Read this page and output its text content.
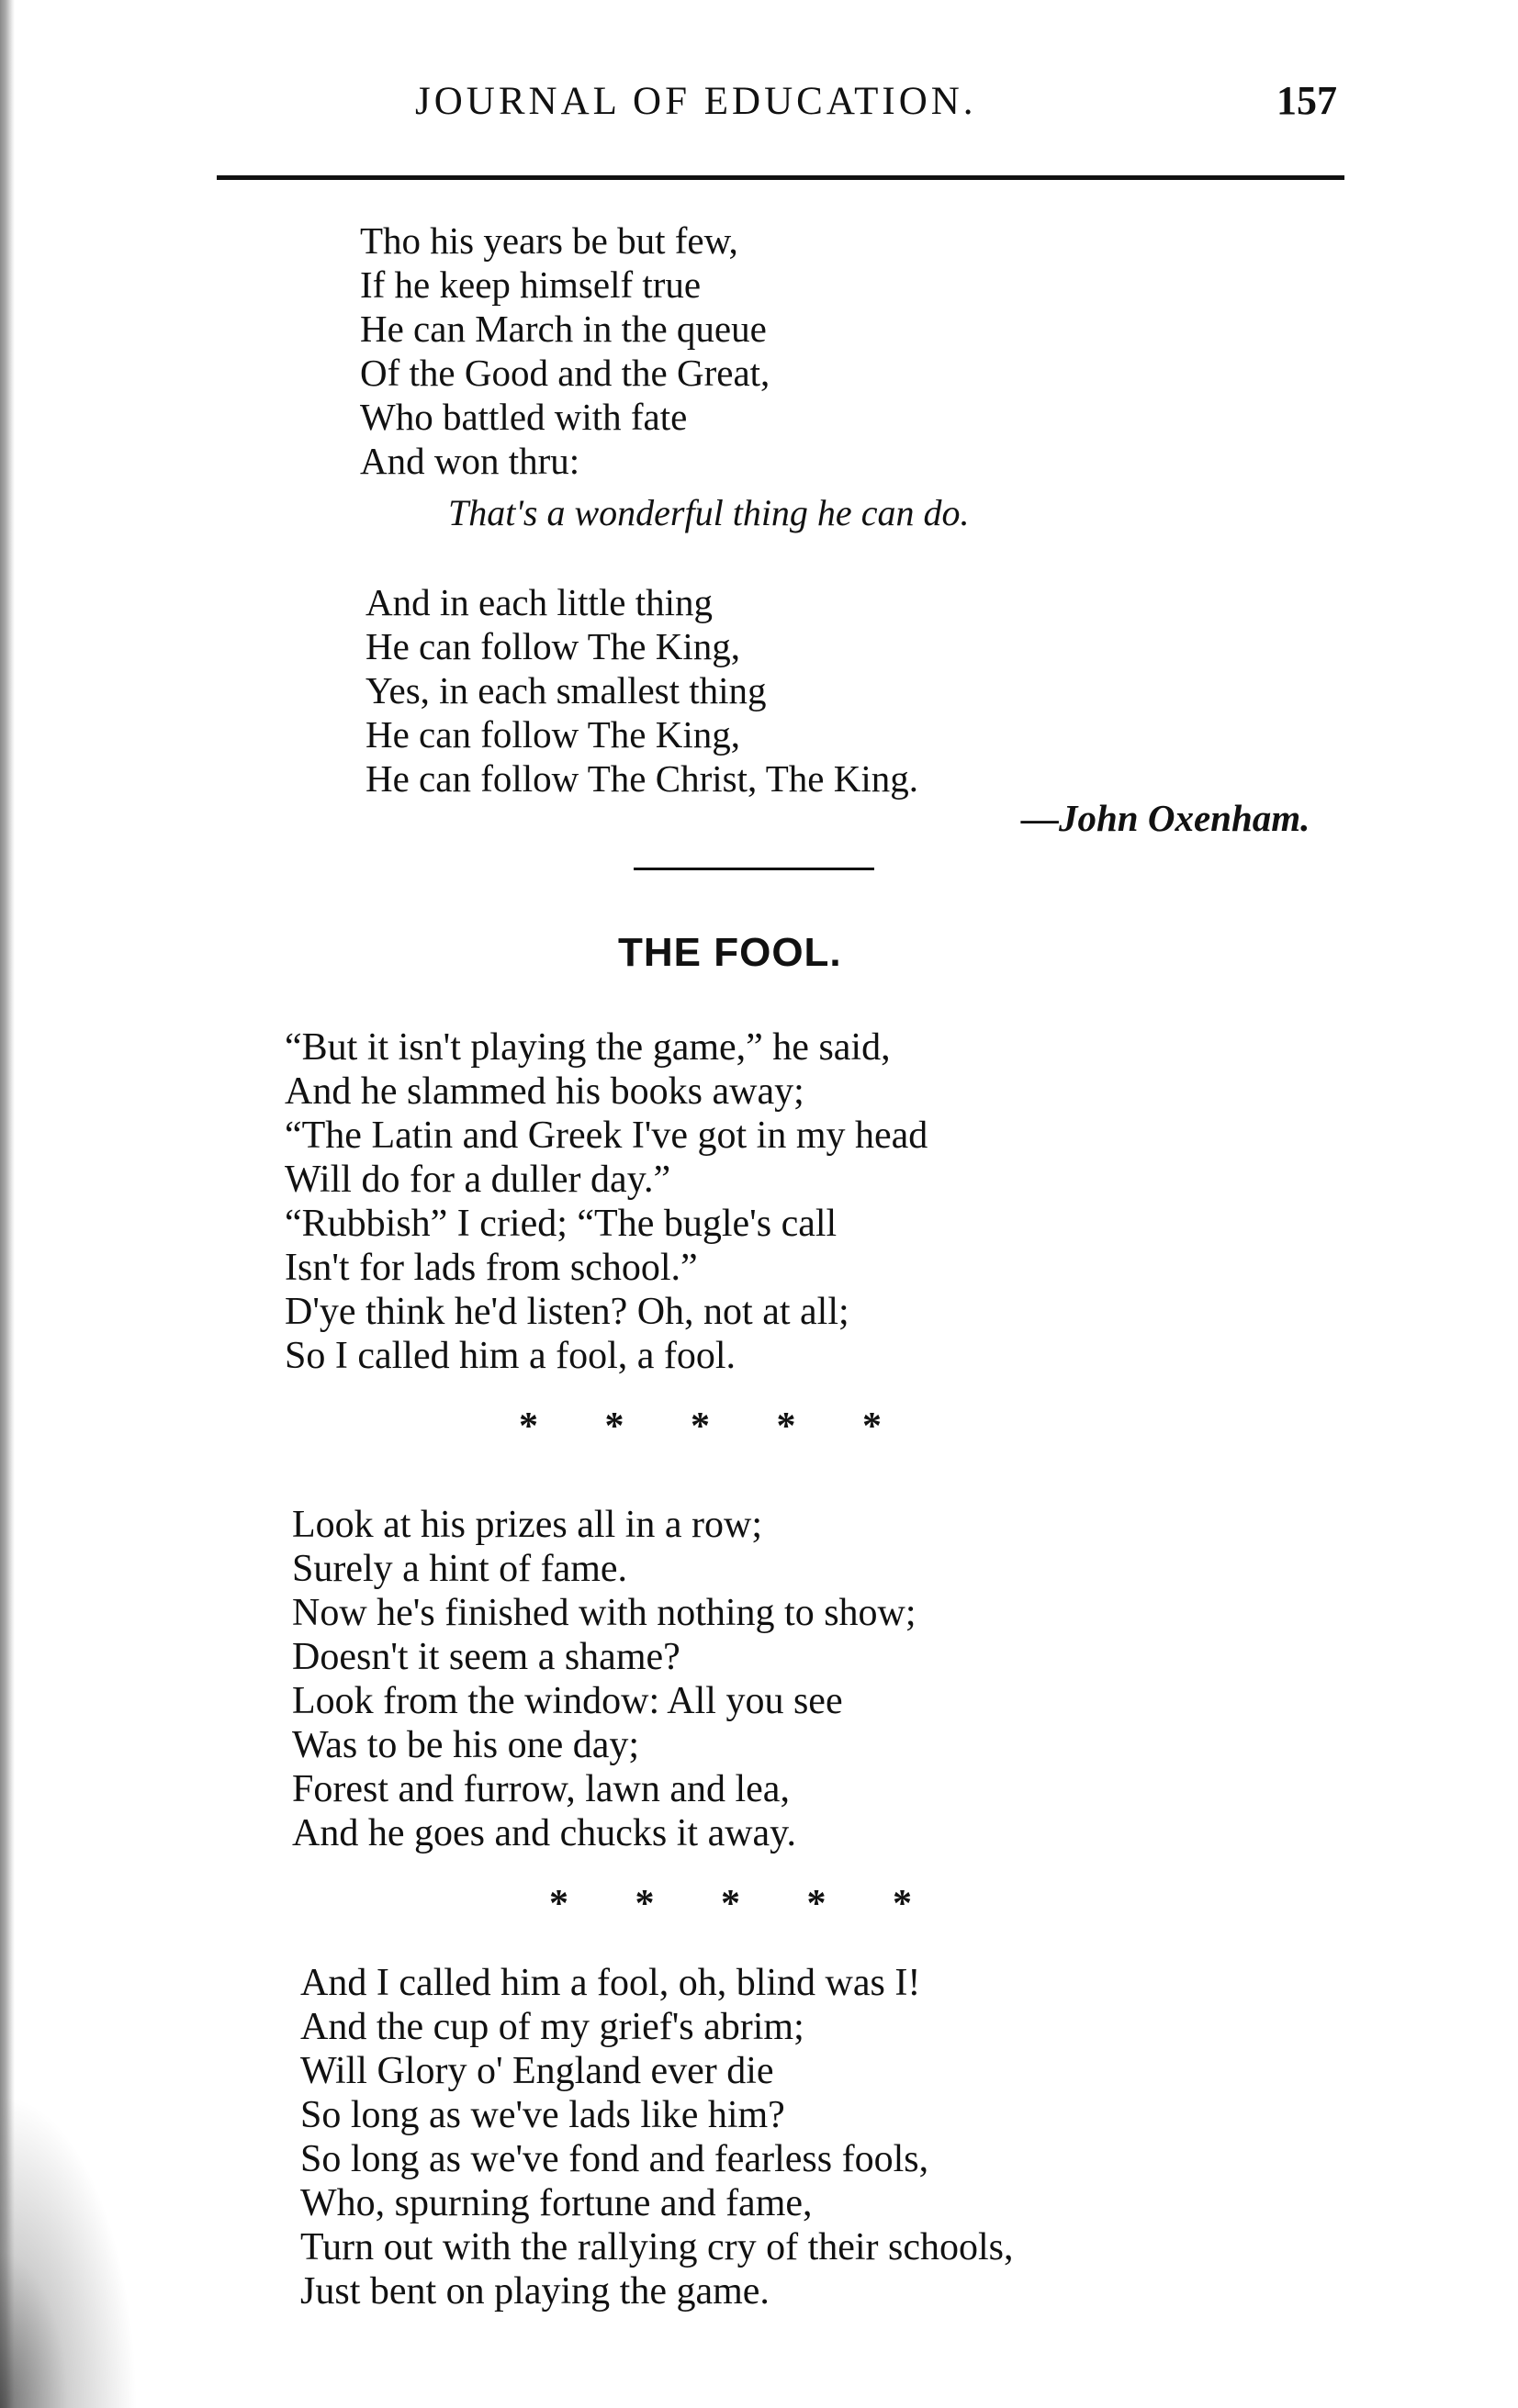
JOURNAL OF EDUCATION.	157
Tho his years be but few,
If he keep himself true
He can March in the queue
Of the Good and the Great,
Who battled with fate
And won thru:
That's a wonderful thing he can do.
And in each little thing
He can follow The King,
Yes, in each smallest thing
He can follow The King,
He can follow The Christ, The King.
—John Oxenham.
THE FOOL.
“But it isn't playing the game,” he said,
And he slammed his books away;
“The Latin and Greek I've got in my head
Will do for a duller day.”
“Rubbish” I cried; “The bugle's call
Isn't for lads from school.”
D'ye think he'd listen? Oh, not at all;
So I called him a fool, a fool.
* * * * *
Look at his prizes all in a row;
Surely a hint of fame.
Now he's finished with nothing to show;
Doesn't it seem a shame?
Look from the window: All you see
Was to be his one day;
Forest and furrow, lawn and lea,
And he goes and chucks it away.
* * * * *
And I called him a fool, oh, blind was I!
And the cup of my grief's abrim;
Will Glory o' England ever die
So long as we've lads like him?
So long as we've fond and fearless fools,
Who, spurning fortune and fame,
Turn out with the rallying cry of their schools,
Just bent on playing the game.
